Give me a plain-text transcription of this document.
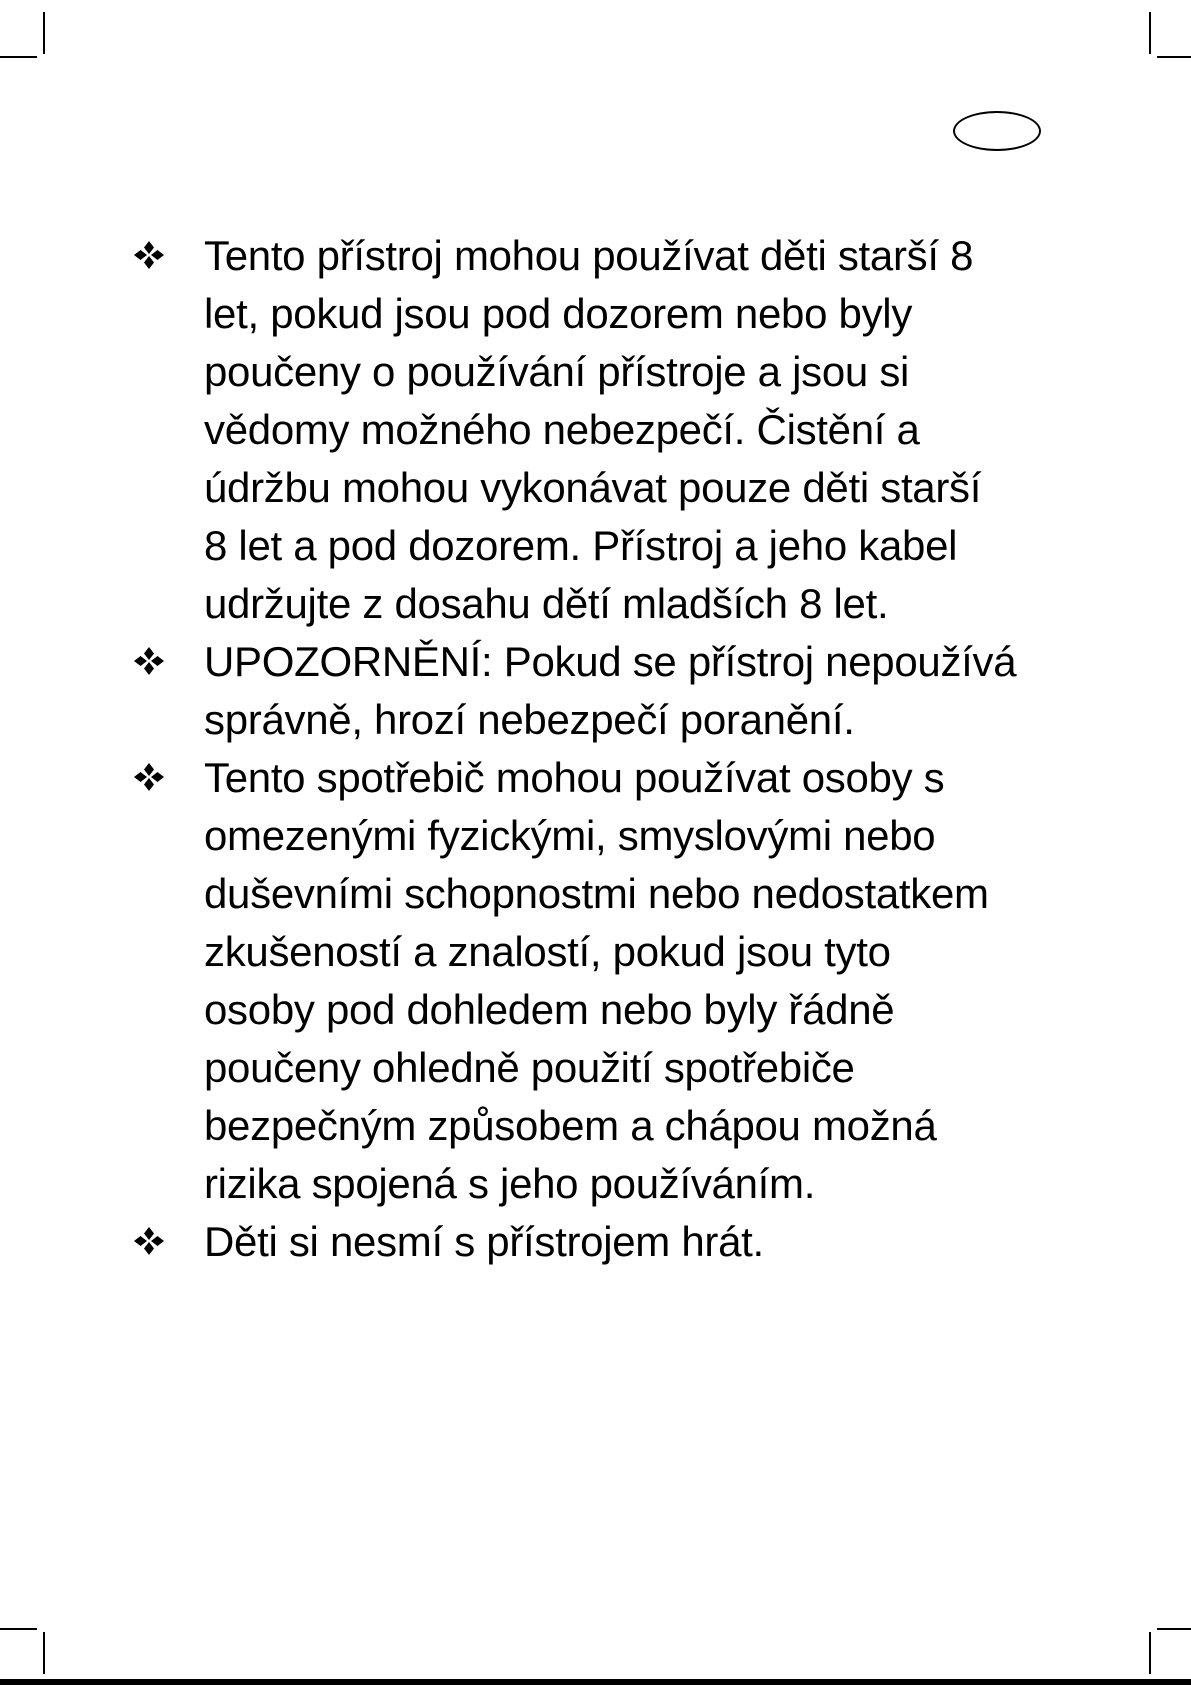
Tento přístroj mohou používat děti starší 8
let, pokud jsou pod dozorem nebo byly
poučeny o používání přístroje a jsou si
vědomy možného nebezpečí. Čistění a
údržbu mohou vykonávat pouze děti starší
8 let a pod dozorem. Přístroj a jeho kabel
udržujte z dosahu dětí mladších 8 let.
UPOZORNĚNÍ: Pokud se přístroj nepoužívá
správně, hrozí nebezpečí poranění.
Tento spotřebič mohou používat osoby s
omezenými fyzickými, smyslovými nebo
duševními schopnostmi nebo nedostatkem
zkušeností a znalostí, pokud jsou tyto
osoby pod dohledem nebo byly řádně
poučeny ohledně použití spotřebiče
bezpečným způsobem a chápou možná
rizika spojená s jeho používáním.
Děti si nesmí s přístrojem hrát.
